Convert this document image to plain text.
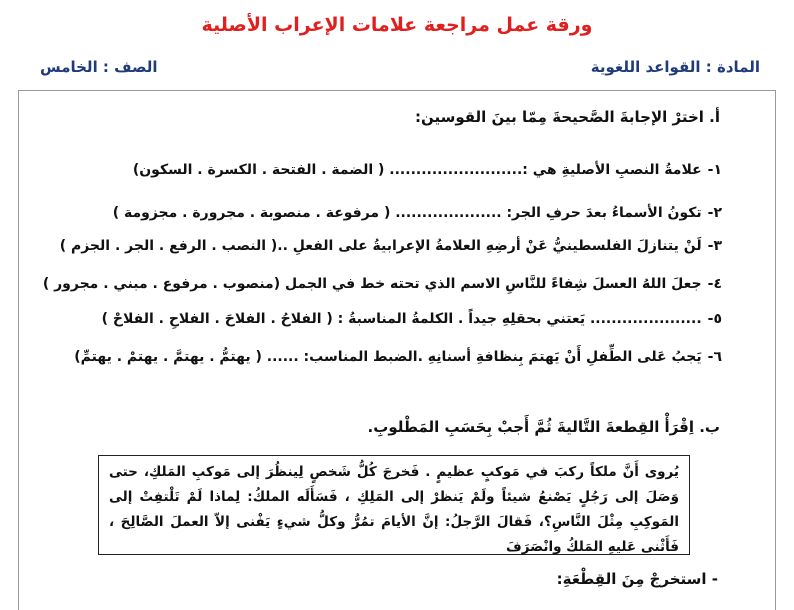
ورقة عمل مراجعة علامات الإعراب الأصلية
المادة : القواعد اللغوية
الصف : الخامس
أ. اخترْ الإجابةَ الصَّحيحةَ مِمّا بينَ القوسين:
١-علامةُ النصبِ الأصليةِ هي :......................... ( الضمة . الفتحة . الكسرة . السكون)
٢-تكونُ الأسماءُ بعدَ حرفِ الجر: .................... ( مرفوعة . منصوبة . مجرورة . مجزومة )
٣-لَنْ يتنازلَ الفلسطينيُّ عَنْ أرضِهِ العلامةُ الإعرابيةُ على الفعلِ ..( النصب . الرفع . الجر . الجزم )
٤-جعلَ اللهُ العسلَ شِفاءً للنَّاسِ الاسم الذي تحته خط في الجمل (منصوب . مرفوع . مبني . مجرور )
٥-..................... يَعتني بحقلِهِ جيداً . الكلمةُ المناسبةُ : ( الفلاحُ . الفلاحَ . الفلاحِ . الفلاحْ )
٦-يَجبُ عَلى الطِّفلِ أَنْ يَهتمَ بِنظافةِ أسنانِهِ .الضبط المناسب: ...... ( يهتمُّ . يهتمَّ . يهتمْ . يهتمِّ)
ب. اِقْرَأْ القِطعةَ التَّاليةَ ثُمَّ أَجبْ بِحَسَبِ المَطْلوبِ.

يُروى أَنَّ ملكاً ركبَ في مَوكبٍ عظيمٍ . فَخرجَ كُلُّ شَخصٍ لِينظُرَ إلى مَوكبِ المَلكِ، حتى وَصَلَ إلى رَجُلٍ يَصْنعُ شيئاً ولَمْ يَنظرْ إلى المَلِكِ ، فَسَأَلَه الملكُ: لِماذا لَمْ تَلْتفِتْ إلى المَوكِبِ مِثْلَ النَّاسِ؟، فَقالَ الرَّجلُ: إنَّ الأيامَ تمُرُّ وكلُّ شيءٍ يَفْنى إلاّ العملَ الصَّالِحَ ، فَأَثْنى عَليهِ المَلكُ وانْصَرَفَ

- استخرجْ مِنَ القِطْعَةِ:
